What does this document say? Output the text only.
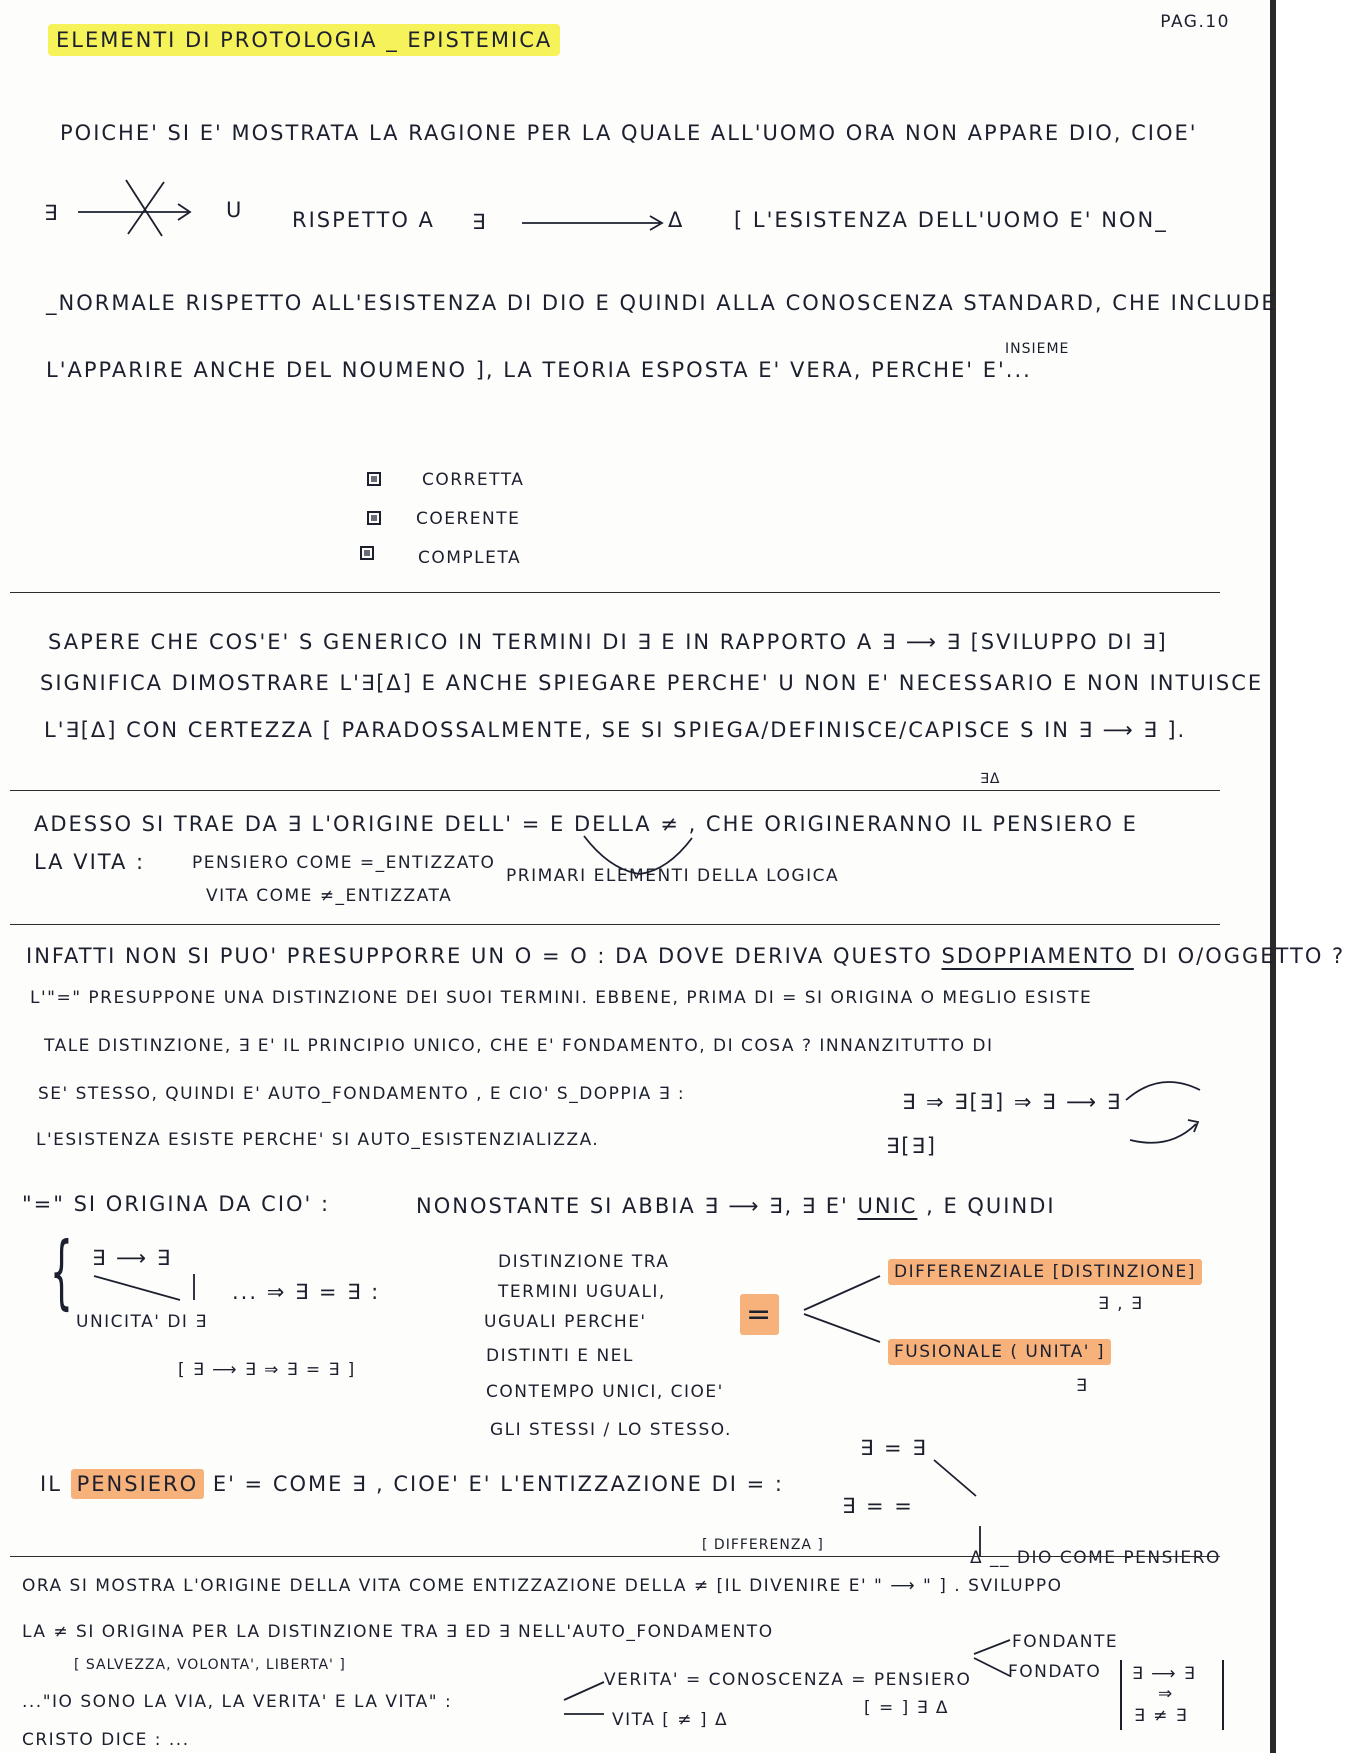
PAG.10
ELEMENTI DI PROTOLOGIA _ EPISTEMICA
POICHE' SI E' MOSTRATA LA RAGIONE PER LA QUALE ALL'UOMO ORA NON APPARE DIO, CIOE'
∃	U RISPETTO A ∃	Δ [ L'ESISTENZA DELL'UOMO E' NON_
_NORMALE RISPETTO ALL'ESISTENZA DI DIO E QUINDI ALLA CONOSCENZA STANDARD, CHE INCLUDE
L'APPARIRE ANCHE DEL NOUMENO ], LA TEORIA ESPOSTA E' VERA, PERCHE' E'...
INSIEME
CORRETTA
COERENTE
COMPLETA
SAPERE CHE COS'E' S GENERICO IN TERMINI DI ∃ E IN RAPPORTO A ∃ ⟶ ∃ [SVILUPPO DI ∃]
SIGNIFICA DIMOSTRARE L'∃[Δ] E ANCHE SPIEGARE PERCHE' U NON E' NECESSARIO E NON INTUISCE
L'∃[Δ] CON CERTEZZA [ PARADOSSALMENTE, SE SI SPIEGA/DEFINISCE/CAPISCE S IN ∃ ⟶ ∃ ].
∃Δ
ADESSO SI TRAE DA ∃ L'ORIGINE DELL' = E DELLA ≠ , CHE ORIGINERANNO IL PENSIERO E
LA VITA :	PENSIERO COME =_ENTIZZATO
VITA COME ≠_ENTIZZATA
PRIMARI ELEMENTI DELLA LOGICA
INFATTI NON SI PUO' PRESUPPORRE UN O = O : DA DOVE DERIVA QUESTO SDOPPIAMENTO DI O/OGGETTO ?
L'"=" PRESUPPONE UNA DISTINZIONE DEI SUOI TERMINI. EBBENE, PRIMA DI = SI ORIGINA O MEGLIO ESISTE
TALE DISTINZIONE, ∃ E' IL PRINCIPIO UNICO, CHE E' FONDAMENTO, DI COSA ? INNANZITUTTO DI
SE' STESSO, QUINDI E' AUTO_FONDAMENTO , E CIO' S_DOPPIA ∃ :	∃ ⇒ ∃[∃] ⇒ ∃ ⟶ ∃
L'ESISTENZA ESISTE PERCHE' SI AUTO_ESISTENZIALIZZA.	∃[∃]
"=" SI ORIGINA DA CIO' :	NONOSTANTE SI ABBIA ∃ ⟶ ∃, ∃ E' UNIC , E QUINDI
{ ∃ ⟶ ∃
UNICITA' DI ∃
... ⇒ ∃ = ∃ :
[ ∃ ⟶ ∃ ⇒ ∃ = ∃ ]
DISTINZIONE TRA
TERMINI UGUALI,
UGUALI PERCHE'
DISTINTI E NEL
CONTEMPO UNICI, CIOE'
GLI STESSI / LO STESSO.
=
DIFFERENZIALE [DISTINZIONE]
∃ , ∃
FUSIONALE ( UNITA' ]
∃
IL PENSIERO E' = COME ∃ , CIOE' E' L'ENTIZZAZIONE DI = :
∃ = ∃
∃ = =
Δ __ DIO COME PENSIERO
[ DIFFERENZA ]
ORA SI MOSTRA L'ORIGINE DELLA VITA COME ENTIZZAZIONE DELLA ≠ [IL DIVENIRE E' " ⟶ " ] . SVILUPPO
LA ≠ SI ORIGINA PER LA DISTINZIONE TRA ∃ ED ∃ NELL'AUTO_FONDAMENTO	FONDANTE
FONDATO ∃ ⟶ ∃
⇒
∃ ≠ ∃
[ SALVEZZA, VOLONTA', LIBERTA' ]
..."IO SONO LA VIA, LA VERITA' E LA VITA" :
VERITA' = CONOSCENZA = PENSIERO
[ = ] ∃ Δ
VITA [ ≠ ] Δ
CRISTO DICE : ...
